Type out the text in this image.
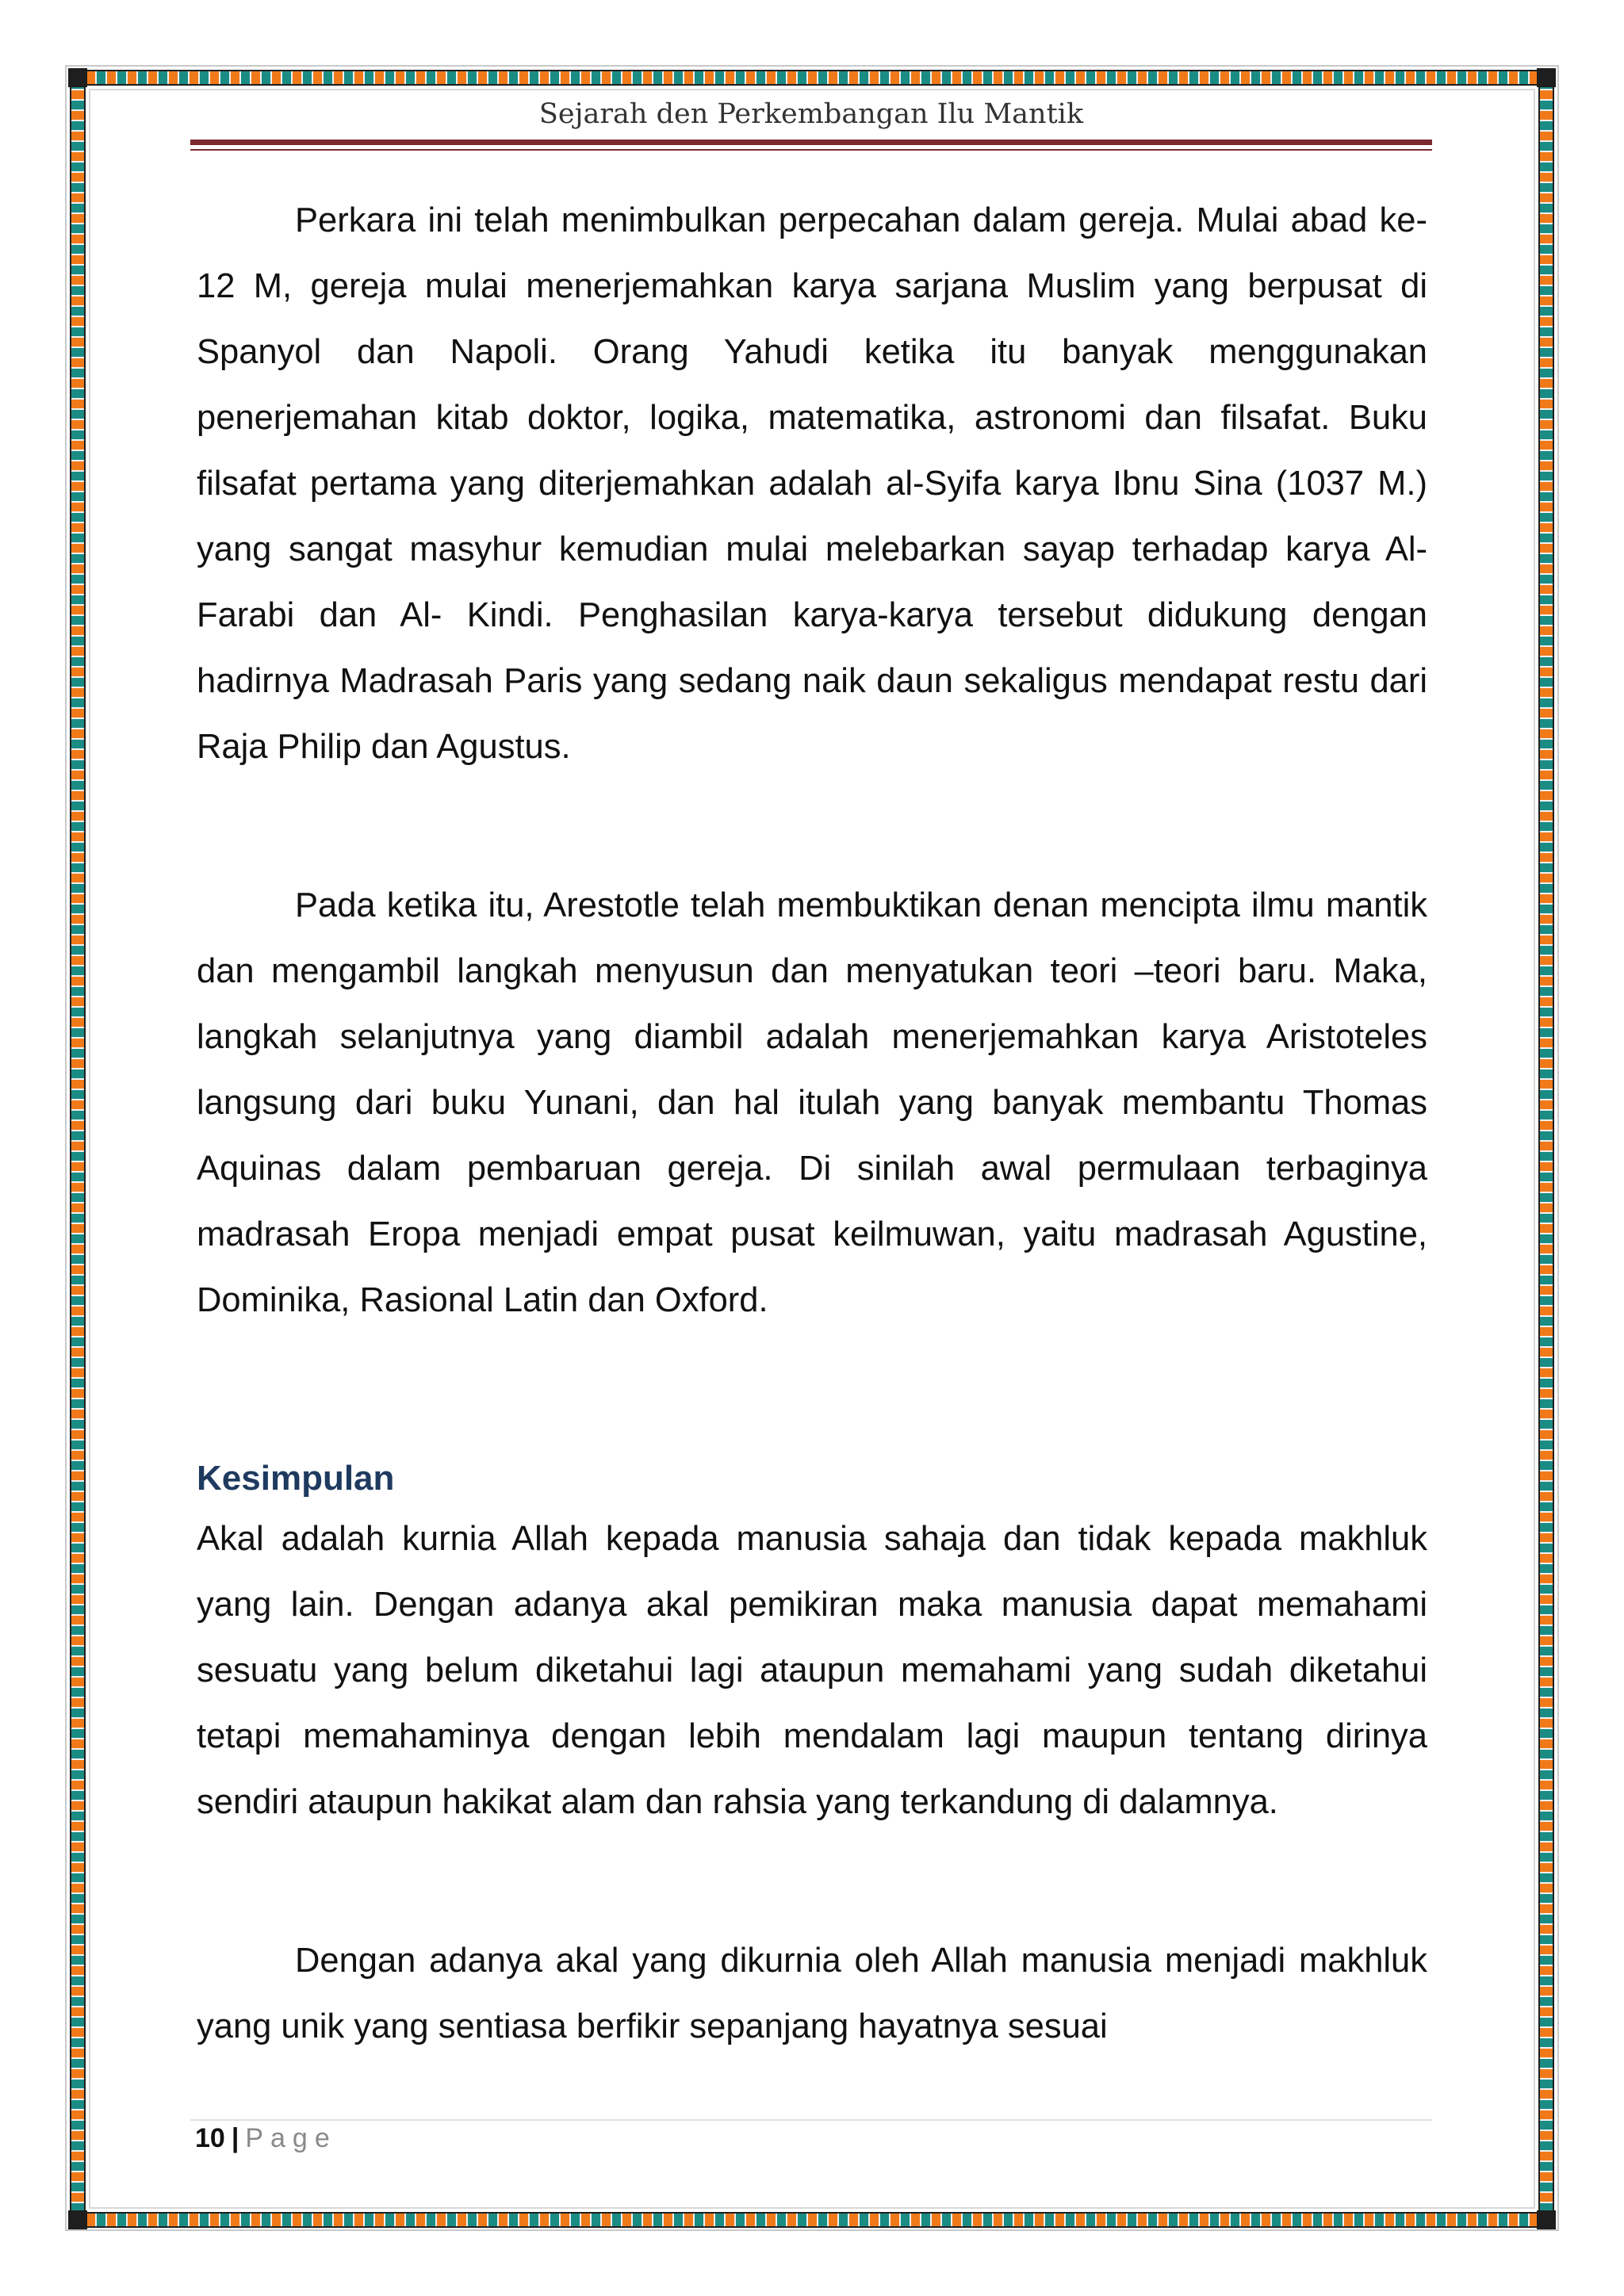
Sejarah den Perkembangan Ilu Mantik

Perkara ini telah menimbulkan perpecahan dalam gereja. Mulai abad ke-12 M, gereja mulai menerjemahkan karya sarjana Muslim yang berpusat di Spanyol dan Napoli. Orang Yahudi ketika itu banyak menggunakan penerjemahan kitab doktor, logika, matematika, astronomi dan filsafat. Buku filsafat pertama yang diterjemahkan adalah al-Syifa karya Ibnu Sina (1037 M.) yang sangat masyhur kemudian mulai melebarkan sayap terhadap karya Al-Farabi dan Al- Kindi. Penghasilan karya-karya tersebut didukung dengan hadirnya Madrasah Paris yang sedang naik daun sekaligus mendapat restu dari Raja Philip dan Agustus.

Pada ketika itu, Arestotle telah membuktikan denan mencipta ilmu mantik dan mengambil langkah menyusun dan menyatukan teori –teori baru. Maka, langkah selanjutnya yang diambil adalah menerjemahkan karya Aristoteles langsung dari buku Yunani, dan hal itulah yang banyak membantu Thomas Aquinas dalam pembaruan gereja. Di sinilah awal permulaan terbaginya madrasah Eropa menjadi empat pusat keilmuwan, yaitu madrasah Agustine, Dominika, Rasional Latin dan Oxford.

Kesimpulan

Akal adalah kurnia Allah kepada manusia sahaja dan tidak kepada makhluk yang lain. Dengan adanya akal pemikiran maka manusia dapat memahami sesuatu yang belum diketahui lagi ataupun memahami yang sudah diketahui tetapi memahaminya dengan lebih mendalam lagi maupun tentang dirinya sendiri ataupun hakikat alam dan rahsia yang terkandung di dalamnya.

Dengan adanya akal yang dikurnia oleh Allah manusia menjadi makhluk yang unik yang sentiasa berfikir sepanjang hayatnya sesuai

10 | Page
